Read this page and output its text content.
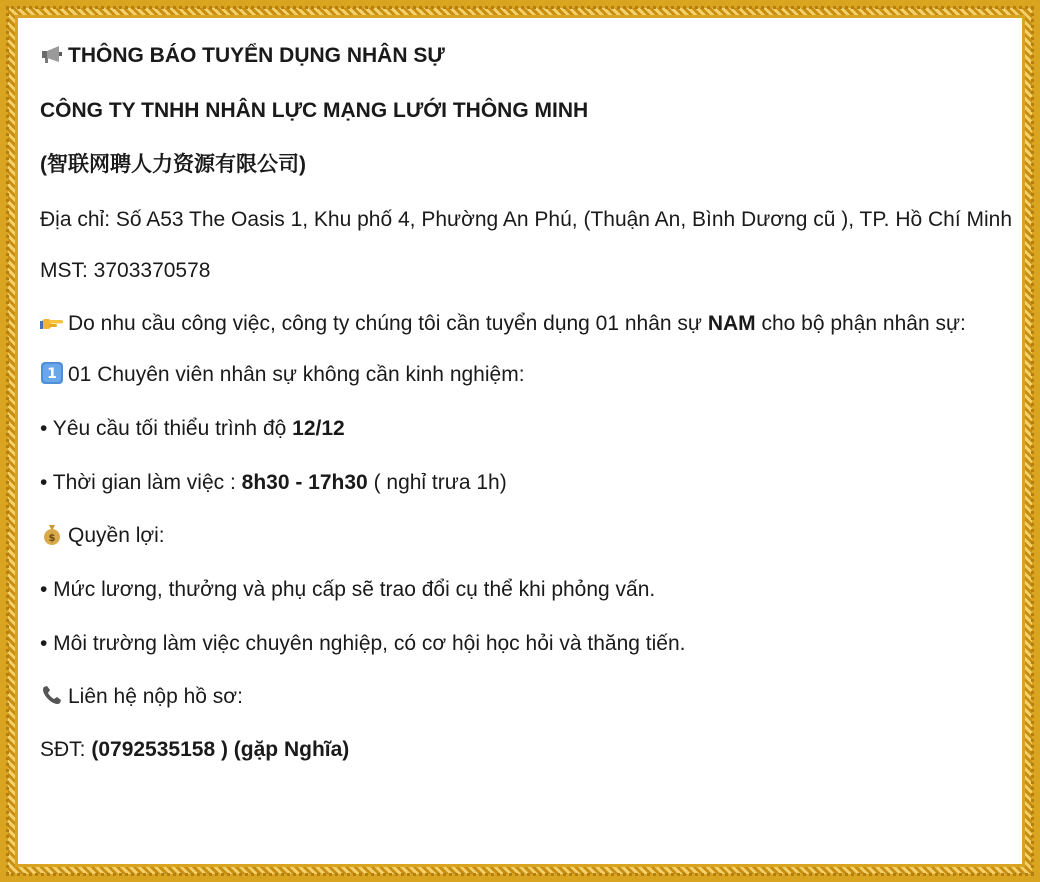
THÔNG BÁO TUYỂN DỤNG NHÂN SỰ
CÔNG TY TNHH NHÂN LỰC MẠNG LƯỚI THÔNG MINH
(智联网聘人力资源有限公司)
Địa chỉ: Số A53 The Oasis 1, Khu phố 4, Phường An Phú, (Thuận An, Bình Dương cũ ), TP. Hồ Chí Minh
MST: 3703370578
Do nhu cầu công việc, công ty chúng tôi cần tuyển dụng 01 nhân sự NAM cho bộ phận nhân sự:
1 01 Chuyên viên nhân sự không cần kinh nghiệm:
• Yêu cầu tối thiểu trình độ 12/12
• Thời gian làm việc : 8h30 - 17h30 ( nghỉ trưa 1h)
$ Quyền lợi:
• Mức lương, thưởng và phụ cấp sẽ trao đổi cụ thể khi phỏng vấn.
• Môi trường làm việc chuyên nghiệp, có cơ hội học hỏi và thăng tiến.
Liên hệ nộp hồ sơ:
SĐT: (0792535158 ) (gặp Nghĩa)
